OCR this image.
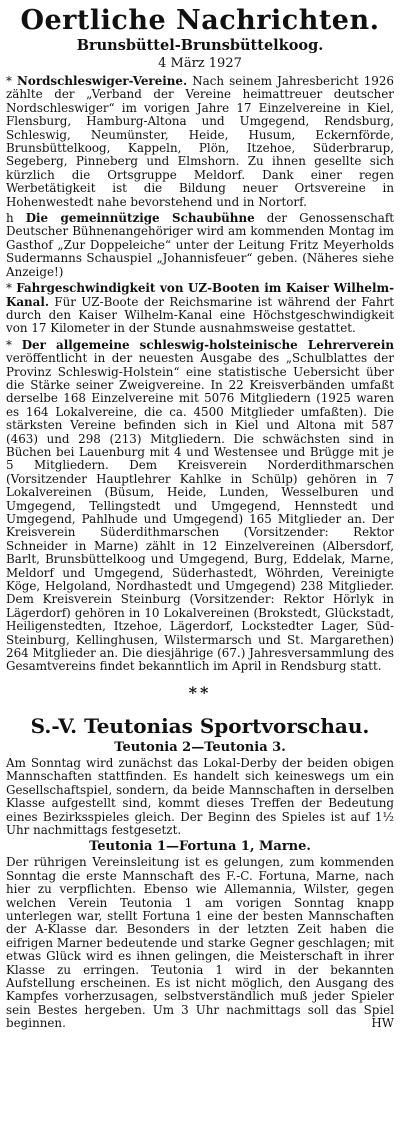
Oertliche Nachrichten.
Brunsbüttel-Brunsbüttelkoog.
4 März 1927

* Nordschleswiger-Vereine. Nach seinem Jahresbericht 1926 zählte der „Verband der Vereine heimattreuer deutscher Nordschleswiger“ im vorigen Jahre 17 Einzelvereine in Kiel, Flensburg, Hamburg-Altona und Umgegend, Rendsburg, Schleswig, Neumünster, Heide, Husum, Eckernförde, Brunsbüttelkoog, Kappeln, Plön, Itzehoe, Süderbrarup, Segeberg, Pinneberg und Elmshorn. Zu ihnen gesellte sich kürzlich die Ortsgruppe Meldorf. Dank einer regen Werbetätigkeit ist die Bildung neuer Ortsvereine in Hohenwestedt nahe bevorstehend und in Nortorf.

h Die gemeinnützige Schaubühne der Genossenschaft Deutscher Bühnenangehöriger wird am kommenden Montag im Gasthof „Zur Doppeleiche“ unter der Leitung Fritz Meyerholds Sudermanns Schauspiel „Johannisfeuer“ geben. (Näheres siehe Anzeige!)

* Fahrgeschwindigkeit von UZ-Booten im Kaiser Wilhelm-Kanal. Für UZ-Boote der Reichsmarine ist während der Fahrt durch den Kaiser Wilhelm-Kanal eine Höchstgeschwindigkeit von 17 Kilometer in der Stunde ausnahmsweise gestattet.

* Der allgemeine schleswig-holsteinische Lehrerverein veröffentlicht in der neuesten Ausgabe des „Schulblattes der Provinz Schleswig-Holstein“ eine statistische Uebersicht über die Stärke seiner Zweigvereine. In 22 Kreisverbänden umfaßt derselbe 168 Einzelvereine mit 5076 Mitgliedern (1925 waren es 164 Lokalvereine, die ca. 4500 Mitglieder umfaßten). Die stärksten Vereine befinden sich in Kiel und Altona mit 587 (463) und 298 (213) Mitgliedern. Die schwächsten sind in Büchen bei Lauenburg mit 4 und Westensee und Brügge mit je 5 Mitgliedern. Dem Kreisverein Norderdithmarschen (Vorsitzender Hauptlehrer Kahlke in Schülp) gehören in 7 Lokalvereinen (Büsum, Heide, Lunden, Wesselburen und Umgegend, Tellingstedt und Umgegend, Hennstedt und Umgegend, Pahlhude und Umgegend) 165 Mitglieder an. Der Kreisverein Süderdithmarschen (Vorsitzender: Rektor Schneider in Marne) zählt in 12 Einzelvereinen (Albersdorf, Barlt, Brunsbüttelkoog und Umgegend, Burg, Eddelak, Marne, Meldorf und Umgegend, Süderhastedt, Wöhrden, Vereinigte Köge, Helgoland, Nordhastedt und Umgegend) 238 Mitglieder. Dem Kreisverein Steinburg (Vorsitzender: Rektor Hörlyk in Lägerdorf) gehören in 10 Lokalvereinen (Brokstedt, Glückstadt, Heiligenstedten, Itzehoe, Lägerdorf, Lockstedter Lager, Süd-Steinburg, Kellinghusen, Wilstermarsch und St. Margarethen) 264 Mitglieder an. Die diesjährige (67.) Jahresversammlung des Gesamtvereins findet bekanntlich im April in Rendsburg statt.

**
S.-V. Teutonias Sportvorschau.
Teutonia 2—Teutonia 3.

Am Sonntag wird zunächst das Lokal-Derby der beiden obigen Mannschaften stattfinden. Es handelt sich keineswegs um ein Gesellschaftspiel, sondern, da beide Mannschaften in derselben Klasse aufgestellt sind, kommt dieses Treffen der Bedeutung eines Bezirksspieles gleich. Der Beginn des Spieles ist auf 1½ Uhr nachmittags festgesetzt.

Teutonia 1—Fortuna 1, Marne.

Der rührigen Vereinsleitung ist es gelungen, zum kommenden Sonntag die erste Mannschaft des F.-C. Fortuna, Marne, nach hier zu verpflichten. Ebenso wie Allemannia, Wilster, gegen welchen Verein Teutonia 1 am vorigen Sonntag knapp unterlegen war, stellt Fortuna 1 eine der besten Mannschaften der A-Klasse dar. Besonders in der letzten Zeit haben die eifrigen Marner bedeutende und starke Gegner geschlagen; mit etwas Glück wird es ihnen gelingen, die Meisterschaft in ihrer Klasse zu erringen. Teutonia 1 wird in der bekannten Aufstellung erscheinen. Es ist nicht möglich, den Ausgang des Kampfes vorherzusagen, selbstverständlich muß jeder Spieler sein Bestes hergeben. Um 3 Uhr nachmittags soll das Spiel beginnen.	HW
